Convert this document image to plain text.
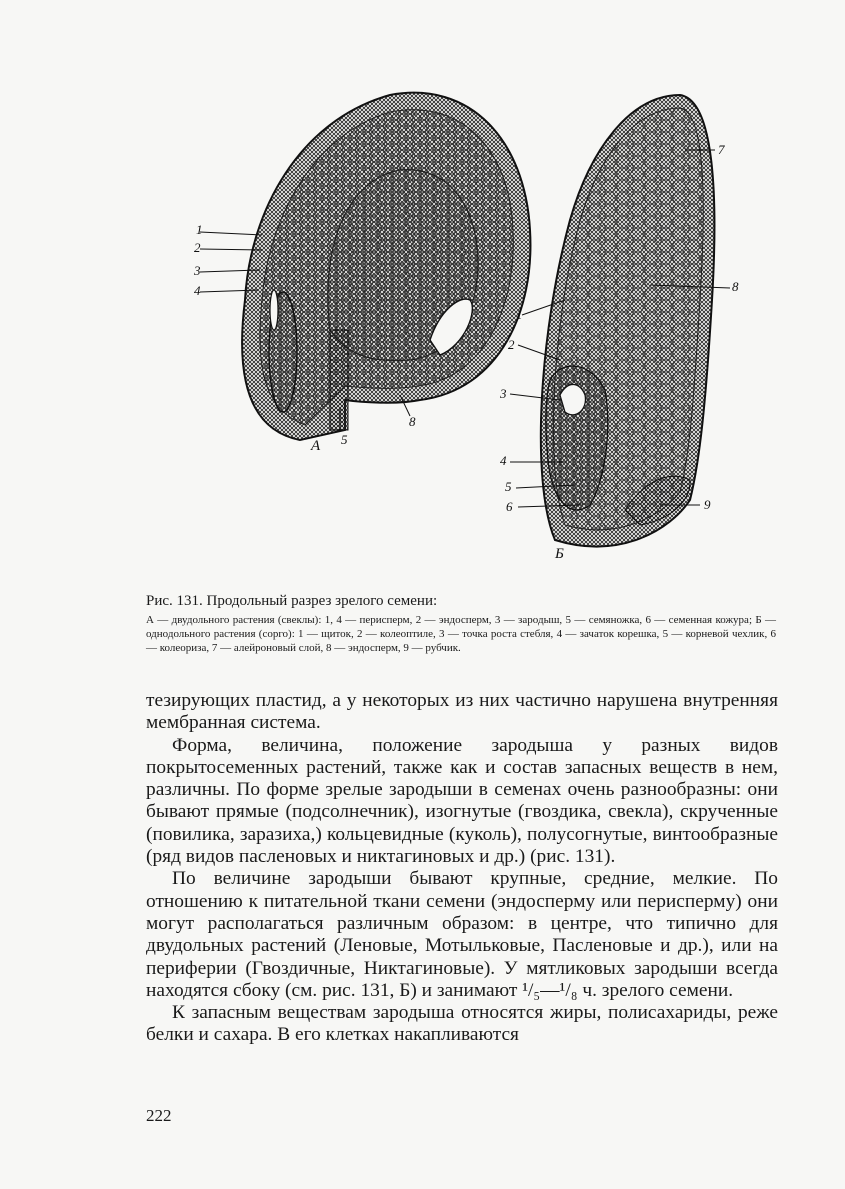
1
2
3
4
5
8
А
1
2
3
4
5
6
7
8
9
Б

Рис. 131. Продольный разрез зрелого семени:

А — двудольного растения (свеклы): 1, 4 — перисперм, 2 — эндосперм, 3 — зародыш, 5 — семяножка, 6 — семенная кожура; Б — однодольного растения (сорго): 1 — щиток, 2 — колеоптиле, 3 — точка роста стебля, 4 — зачаток корешка, 5 — корневой чехлик, 6 — колеориза, 7 — алейроновый слой, 8 — эндосперм, 9 — рубчик.

тезирующих пластид, а у некоторых из них частично нарушена внутренняя мембранная система.

Форма, величина, положение зародыша у разных видов покрытосеменных растений, также как и состав запасных веществ в нем, различны. По форме зрелые зародыши в семенах очень разнообразны: они бывают прямые (подсолнечник), изогнутые (гвоздика, свекла), скрученные (повилика, заразиха,) кольцевидные (куколь), полусогнутые, винтообразные (ряд видов пасленовых и никтагиновых и др.) (рис. 131).

По величине зародыши бывают крупные, средние, мелкие. По отношению к питательной ткани семени (эндосперму или перисперму) они могут располагаться различным образом: в центре, что типично для двудольных растений (Леновые, Мотыльковые, Пасленовые и др.), или на периферии (Гвоздичные, Никтагиновые). У мятликовых зародыши всегда находятся сбоку (см. рис. 131, Б) и занимают ¹/₅—¹/₈ ч. зрелого семени.

К запасным веществам зародыша относятся жиры, полисахариды, реже белки и сахара. В его клетках накапливаются

222
